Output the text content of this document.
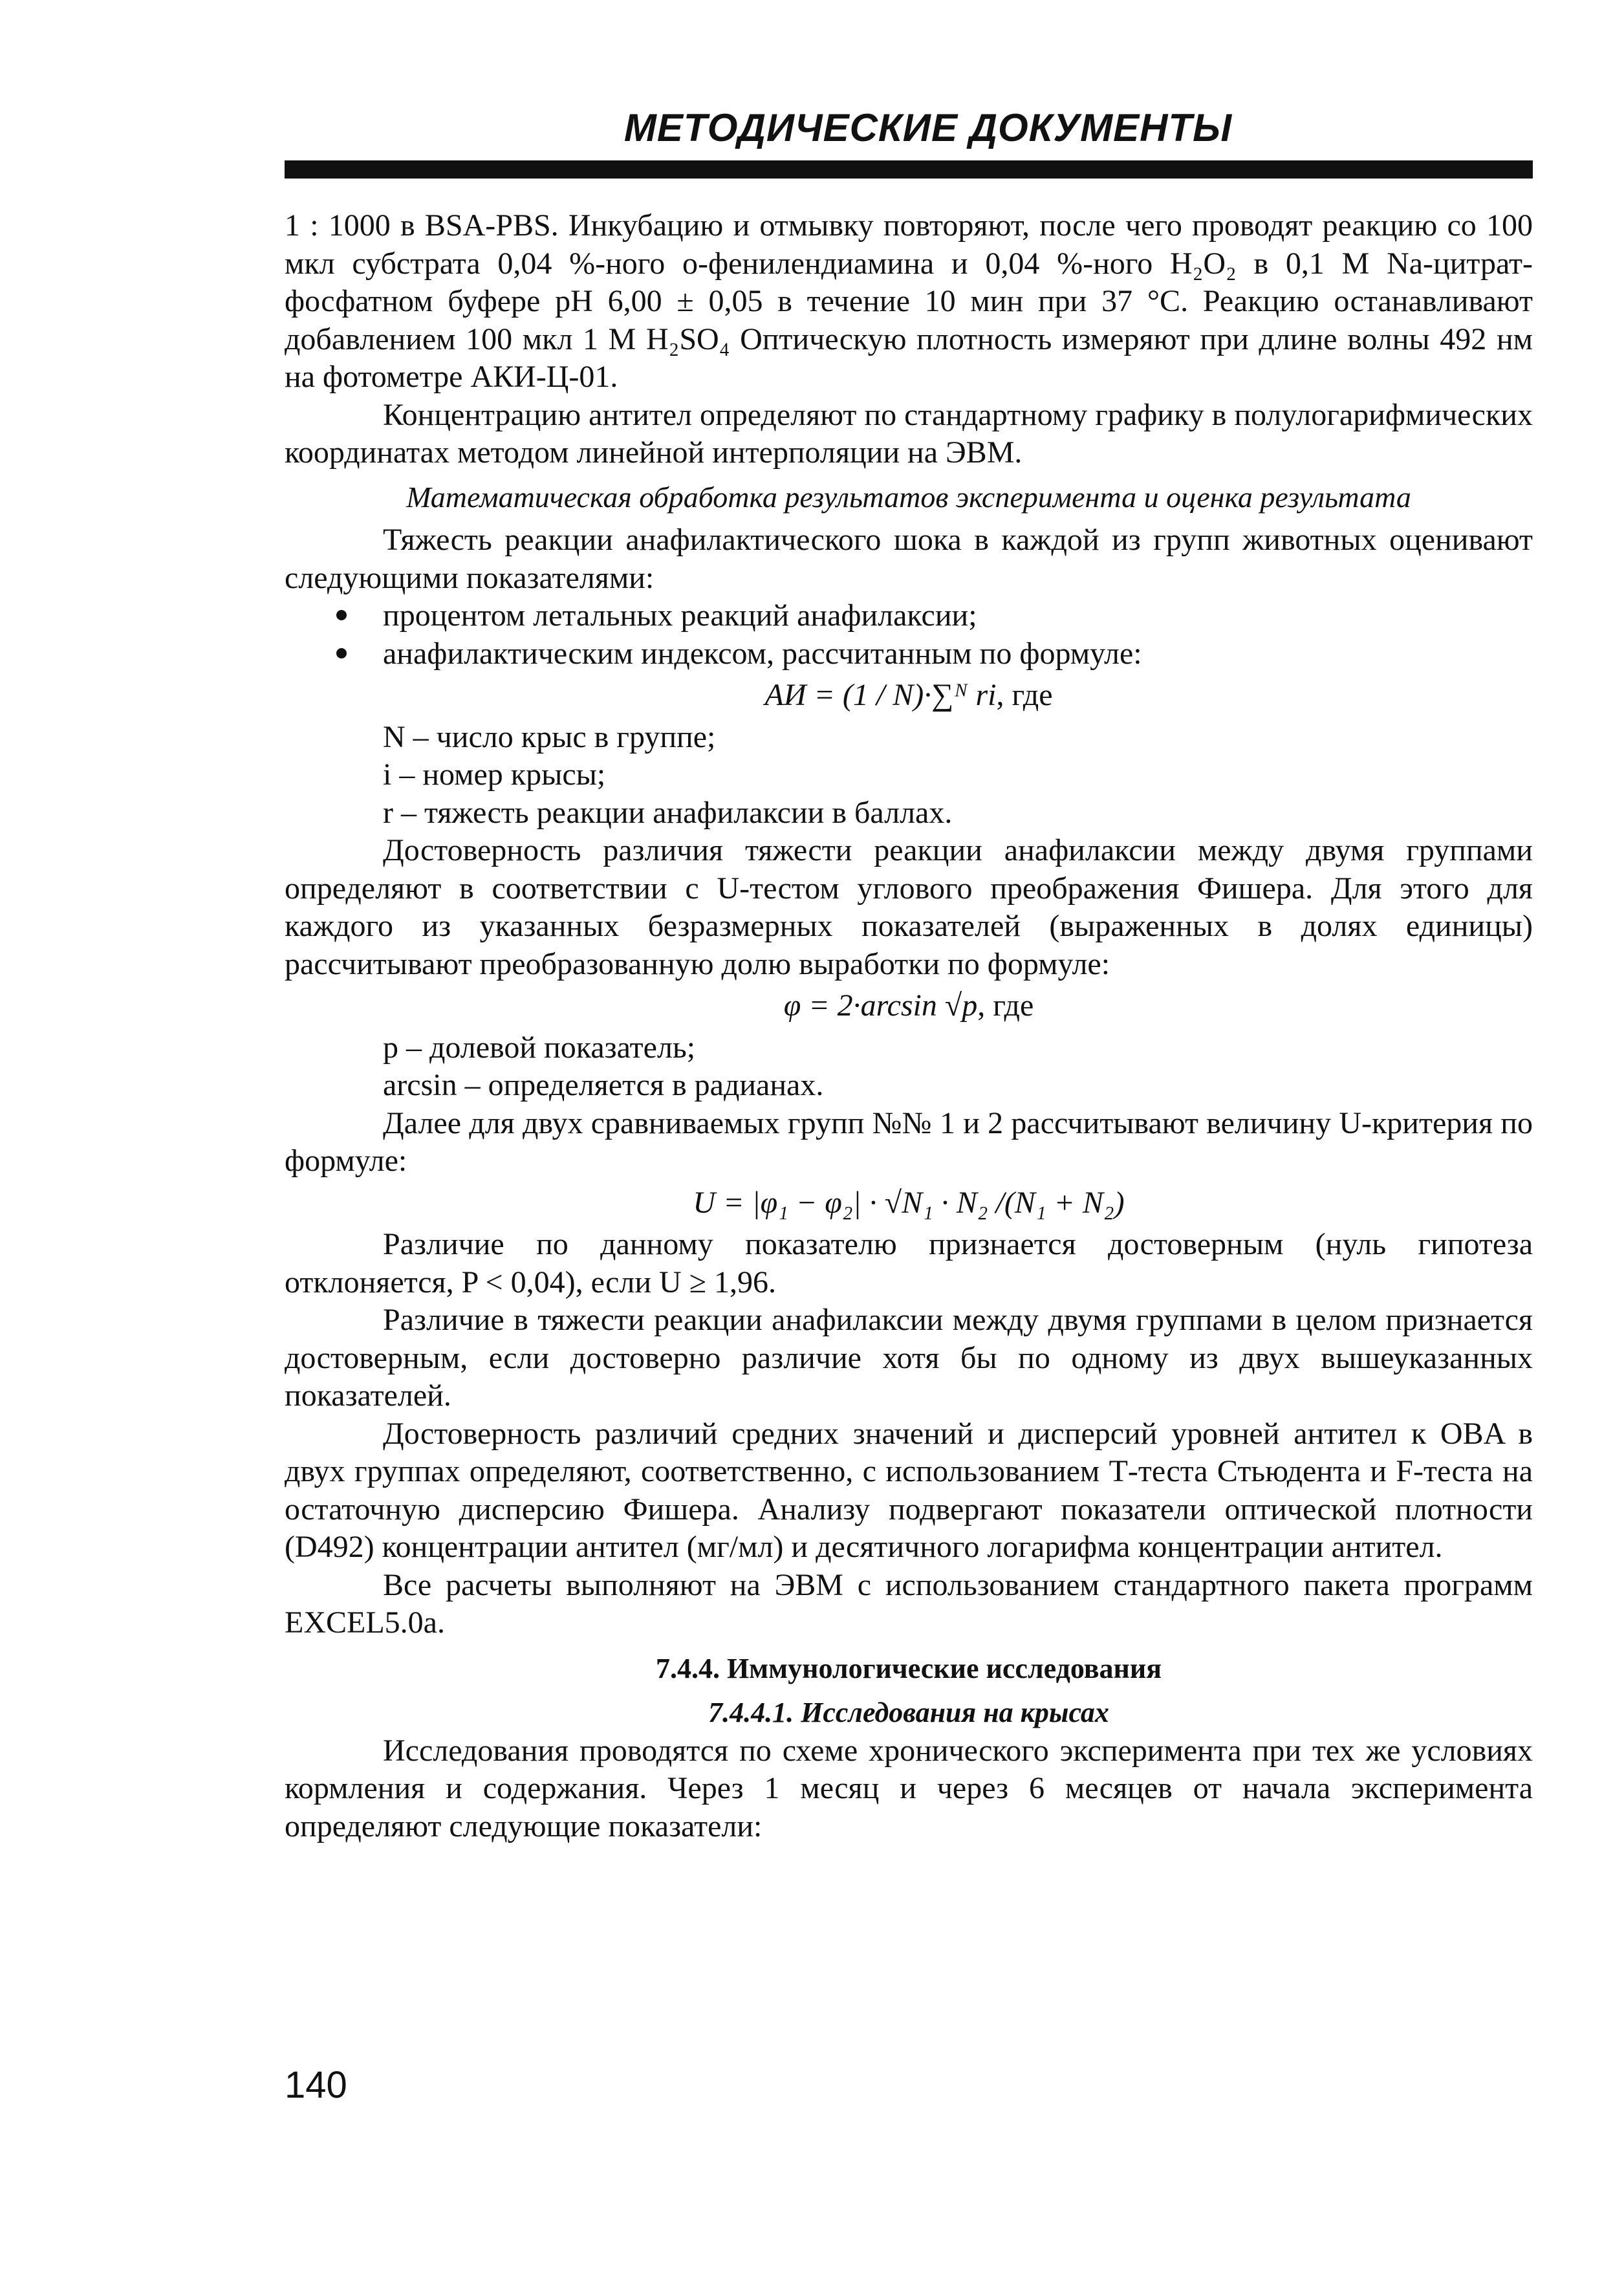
МЕТОДИЧЕСКИЕ ДОКУМЕНТЫ

1 : 1000 в BSA-PBS. Инкубацию и отмывку повторяют, после чего проводят реакцию со 100 мкл субстрата 0,04 %-ного о-фенилендиамина и 0,04 %-ного H₂O₂ в 0,1 М Na-цитрат-фосфатном буфере pH 6,00 ± 0,05 в течение 10 мин при 37 °С. Реакцию останавливают добавлением 100 мкл 1 М H₂SO₄ Оптическую плотность измеряют при длине волны 492 нм на фотометре АКИ-Ц-01.

Концентрацию антител определяют по стандартному графику в полулогарифмических координатах методом линейной интерполяции на ЭВМ.

Математическая обработка результатов эксперимента и оценка результата

Тяжесть реакции анафилактического шока в каждой из групп животных оценивают следующими показателями:

процентом летальных реакций анафилаксии;
анафилактическим индексом, рассчитанным по формуле:

АИ = (1 / N)·∑ᴺ ri, где

N – число крыс в группе;

i – номер крысы;

r – тяжесть реакции анафилаксии в баллах.

Достоверность различия тяжести реакции анафилаксии между двумя группами определяют в соответствии с U-тестом углового преображения Фишера. Для этого для каждого из указанных безразмерных показателей (выраженных в долях единицы) рассчитывают преобразованную долю выработки по формуле:

φ = 2·arcsin √p, где

p – долевой показатель;

arcsin – определяется в радианах.

Далее для двух сравниваемых групп №№ 1 и 2 рассчитывают величину U-критерия по формуле:

U = |φ₁ − φ₂| · √N₁ · N₂ /(N₁ + N₂)

Различие по данному показателю признается достоверным (нуль гипотеза отклоняется, P < 0,04), если U ≥ 1,96.

Различие в тяжести реакции анафилаксии между двумя группами в целом признается достоверным, если достоверно различие хотя бы по одному из двух вышеуказанных показателей.

Достоверность различий средних значений и дисперсий уровней антител к OBA в двух группах определяют, соответственно, с использованием Т-теста Стьюдента и F-теста на остаточную дисперсию Фишера. Анализу подвергают показатели оптической плотности (D492) концентрации антител (мг/мл) и десятичного логарифма концентрации антител.

Все расчеты выполняют на ЭВМ с использованием стандартного пакета программ EXCEL5.0a.

7.4.4. Иммунологические исследования

7.4.4.1. Исследования на крысах

Исследования проводятся по схеме хронического эксперимента при тех же условиях кормления и содержания. Через 1 месяц и через 6 месяцев от начала эксперимента определяют следующие показатели:

140
